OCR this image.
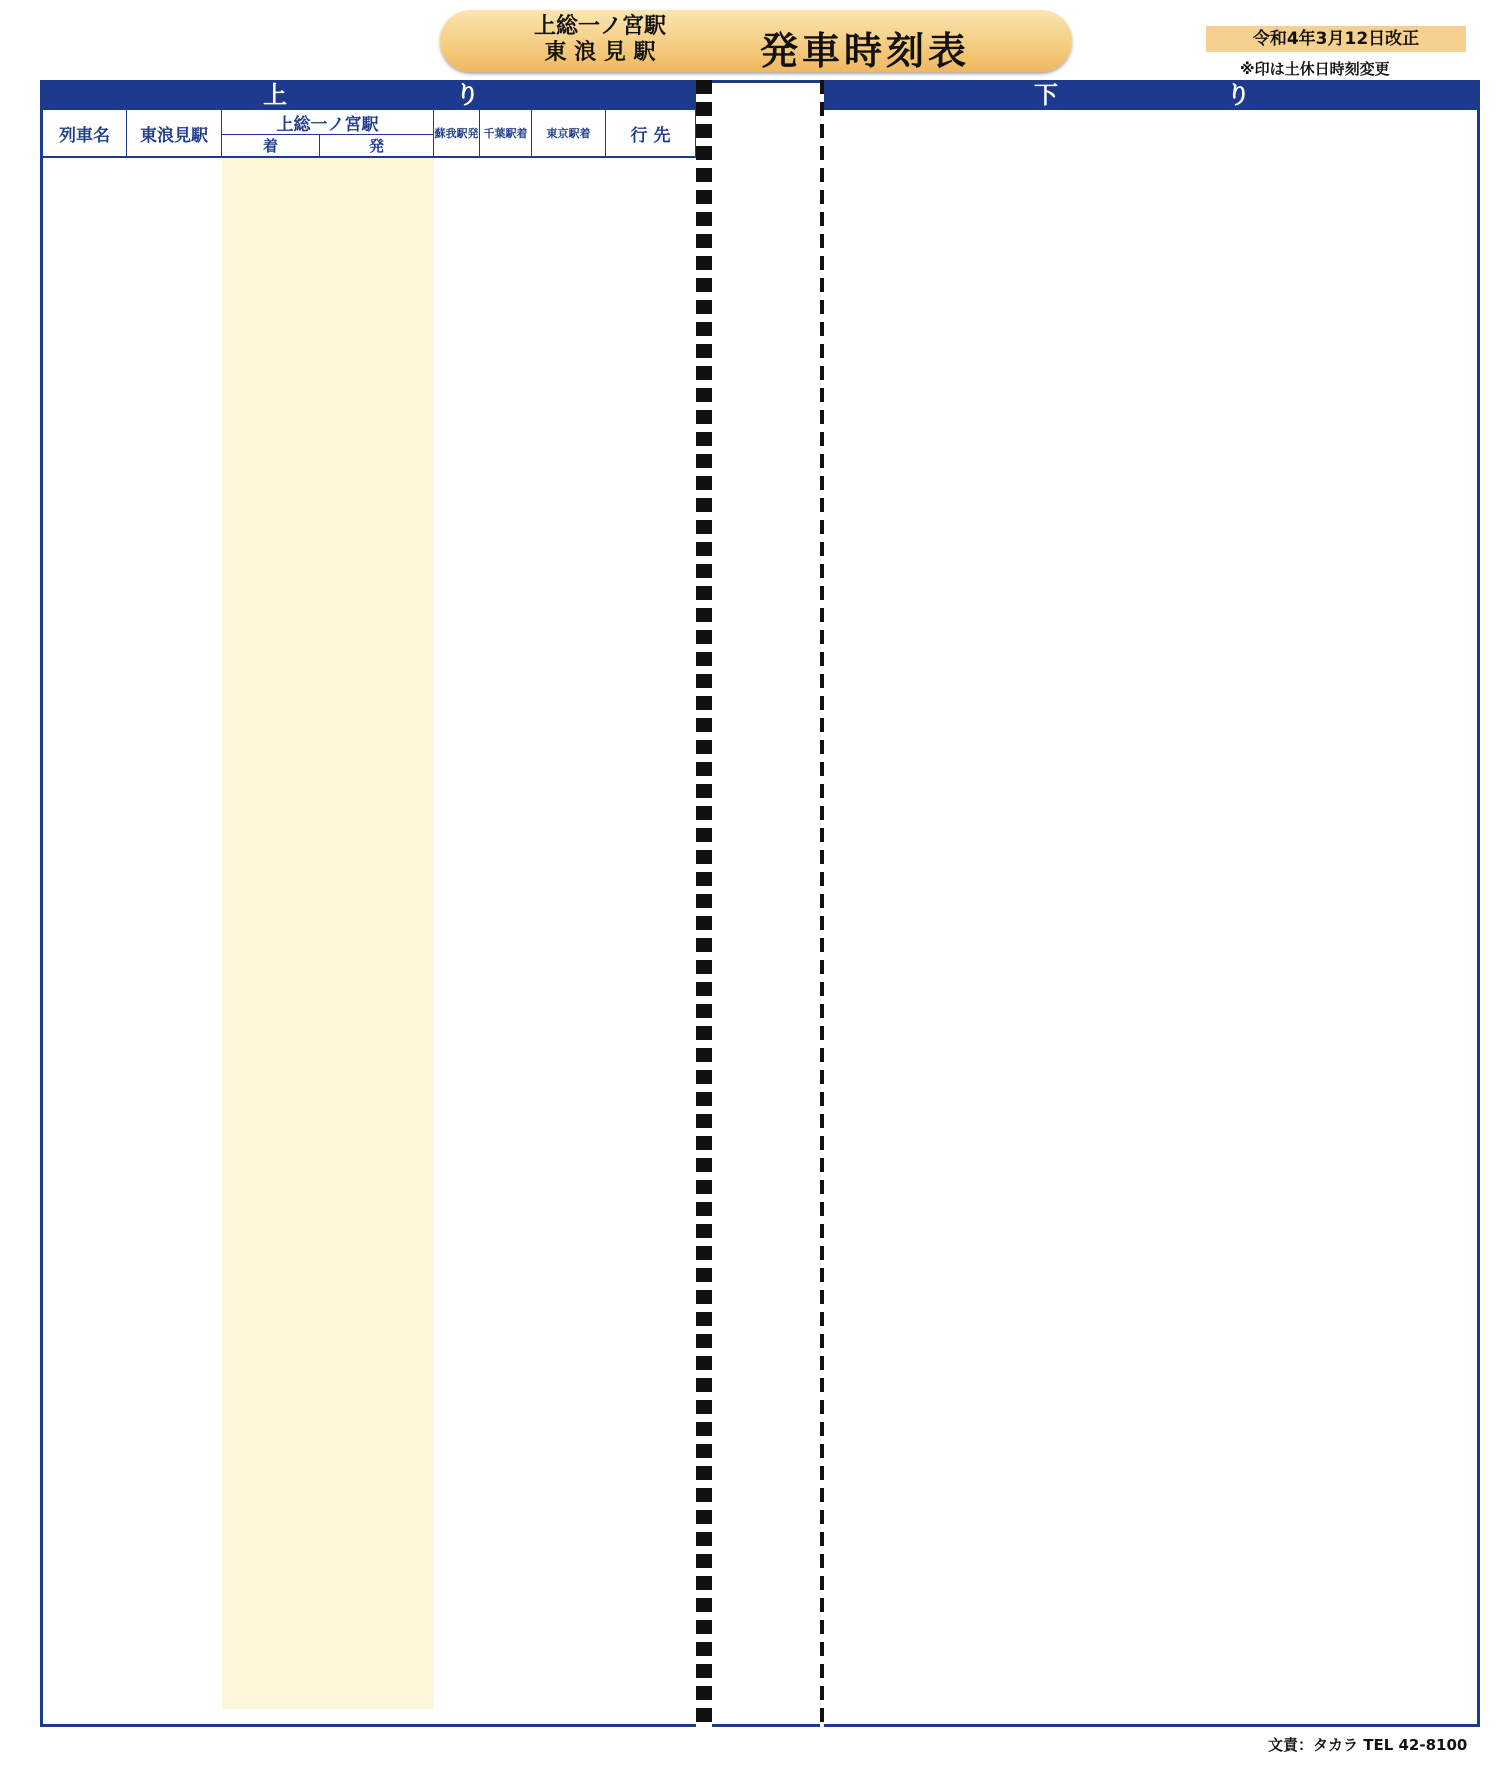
上総一ノ宮駅
東 浪 見 駅	発車時刻表	令和4年3月12日改正
※印は土休日時刻変更
上 り	下 り
列車名	東浪見駅
上総一ノ宮駅
着	発
蘇我駅発 千葉駅着	東京駅着	行 先
文責：タカラ TEL 42-8100
